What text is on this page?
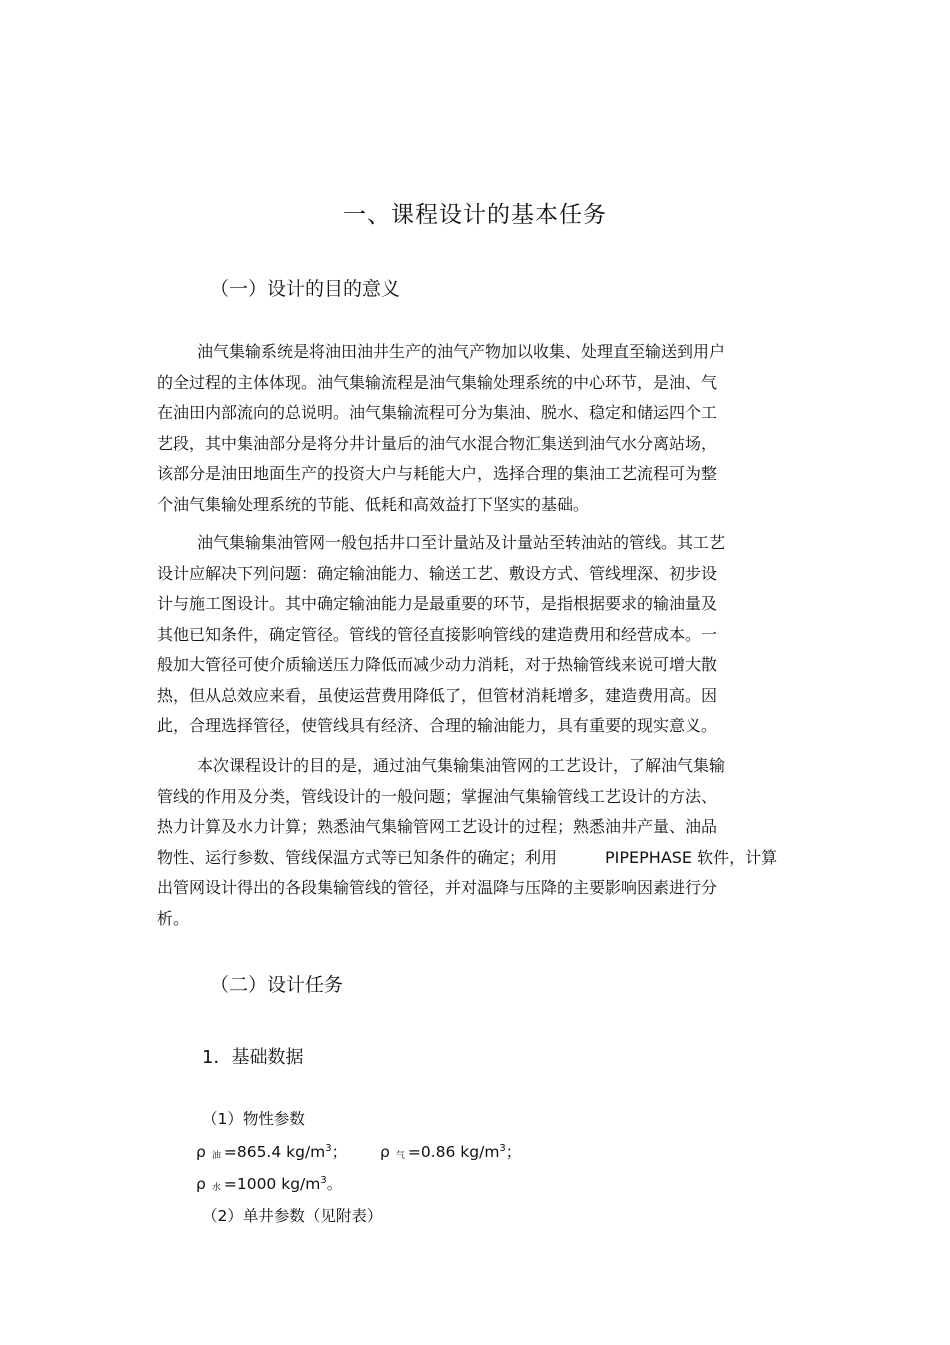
一、课程设计的基本任务
（一）设计的目的意义
油气集输系统是将油田油井生产的油气产物加以收集、处理直至输送到用户
的全过程的主体体现。油气集输流程是油气集输处理系统的中心环节，是油、气
在油田内部流向的总说明。油气集输流程可分为集油、脱水、稳定和储运四个工
艺段，其中集油部分是将分井计量后的油气水混合物汇集送到油气水分离站场，
该部分是油田地面生产的投资大户与耗能大户，选择合理的集油工艺流程可为整
个油气集输处理系统的节能、低耗和高效益打下坚实的基础。
油气集输集油管网一般包括井口至计量站及计量站至转油站的管线。其工艺
设计应解决下列问题：确定输油能力、输送工艺、敷设方式、管线埋深、初步设
计与施工图设计。其中确定输油能力是最重要的环节，是指根据要求的输油量及
其他已知条件，确定管径。管线的管径直接影响管线的建造费用和经营成本。一
般加大管径可使介质输送压力降低而减少动力消耗，对于热输管线来说可增大散
热，但从总效应来看，虽使运营费用降低了，但管材消耗增多，建造费用高。因
此，合理选择管径，使管线具有经济、合理的输油能力，具有重要的现实意义。
本次课程设计的目的是，通过油气集输集油管网的工艺设计，了解油气集输
管线的作用及分类，管线设计的一般问题；掌握油气集输管线工艺设计的方法、
热力计算及水力计算；熟悉油气集输管网工艺设计的过程；熟悉油井产量、油品
物性、运行参数、管线保温方式等已知条件的确定；利用	PIPEPHASE 软件，计算
出管网设计得出的各段集输管线的管径，并对温降与压降的主要影响因素进行分
析。
（二）设计任务
1．基础数据
（1）物性参数
ρ $_油$ =865.4 $kg/m^3$； ρ $_气$ =0.86 $kg/m^3$；
ρ $_水$ =1000 $kg/m^3$。
（2）单井参数（见附表）
